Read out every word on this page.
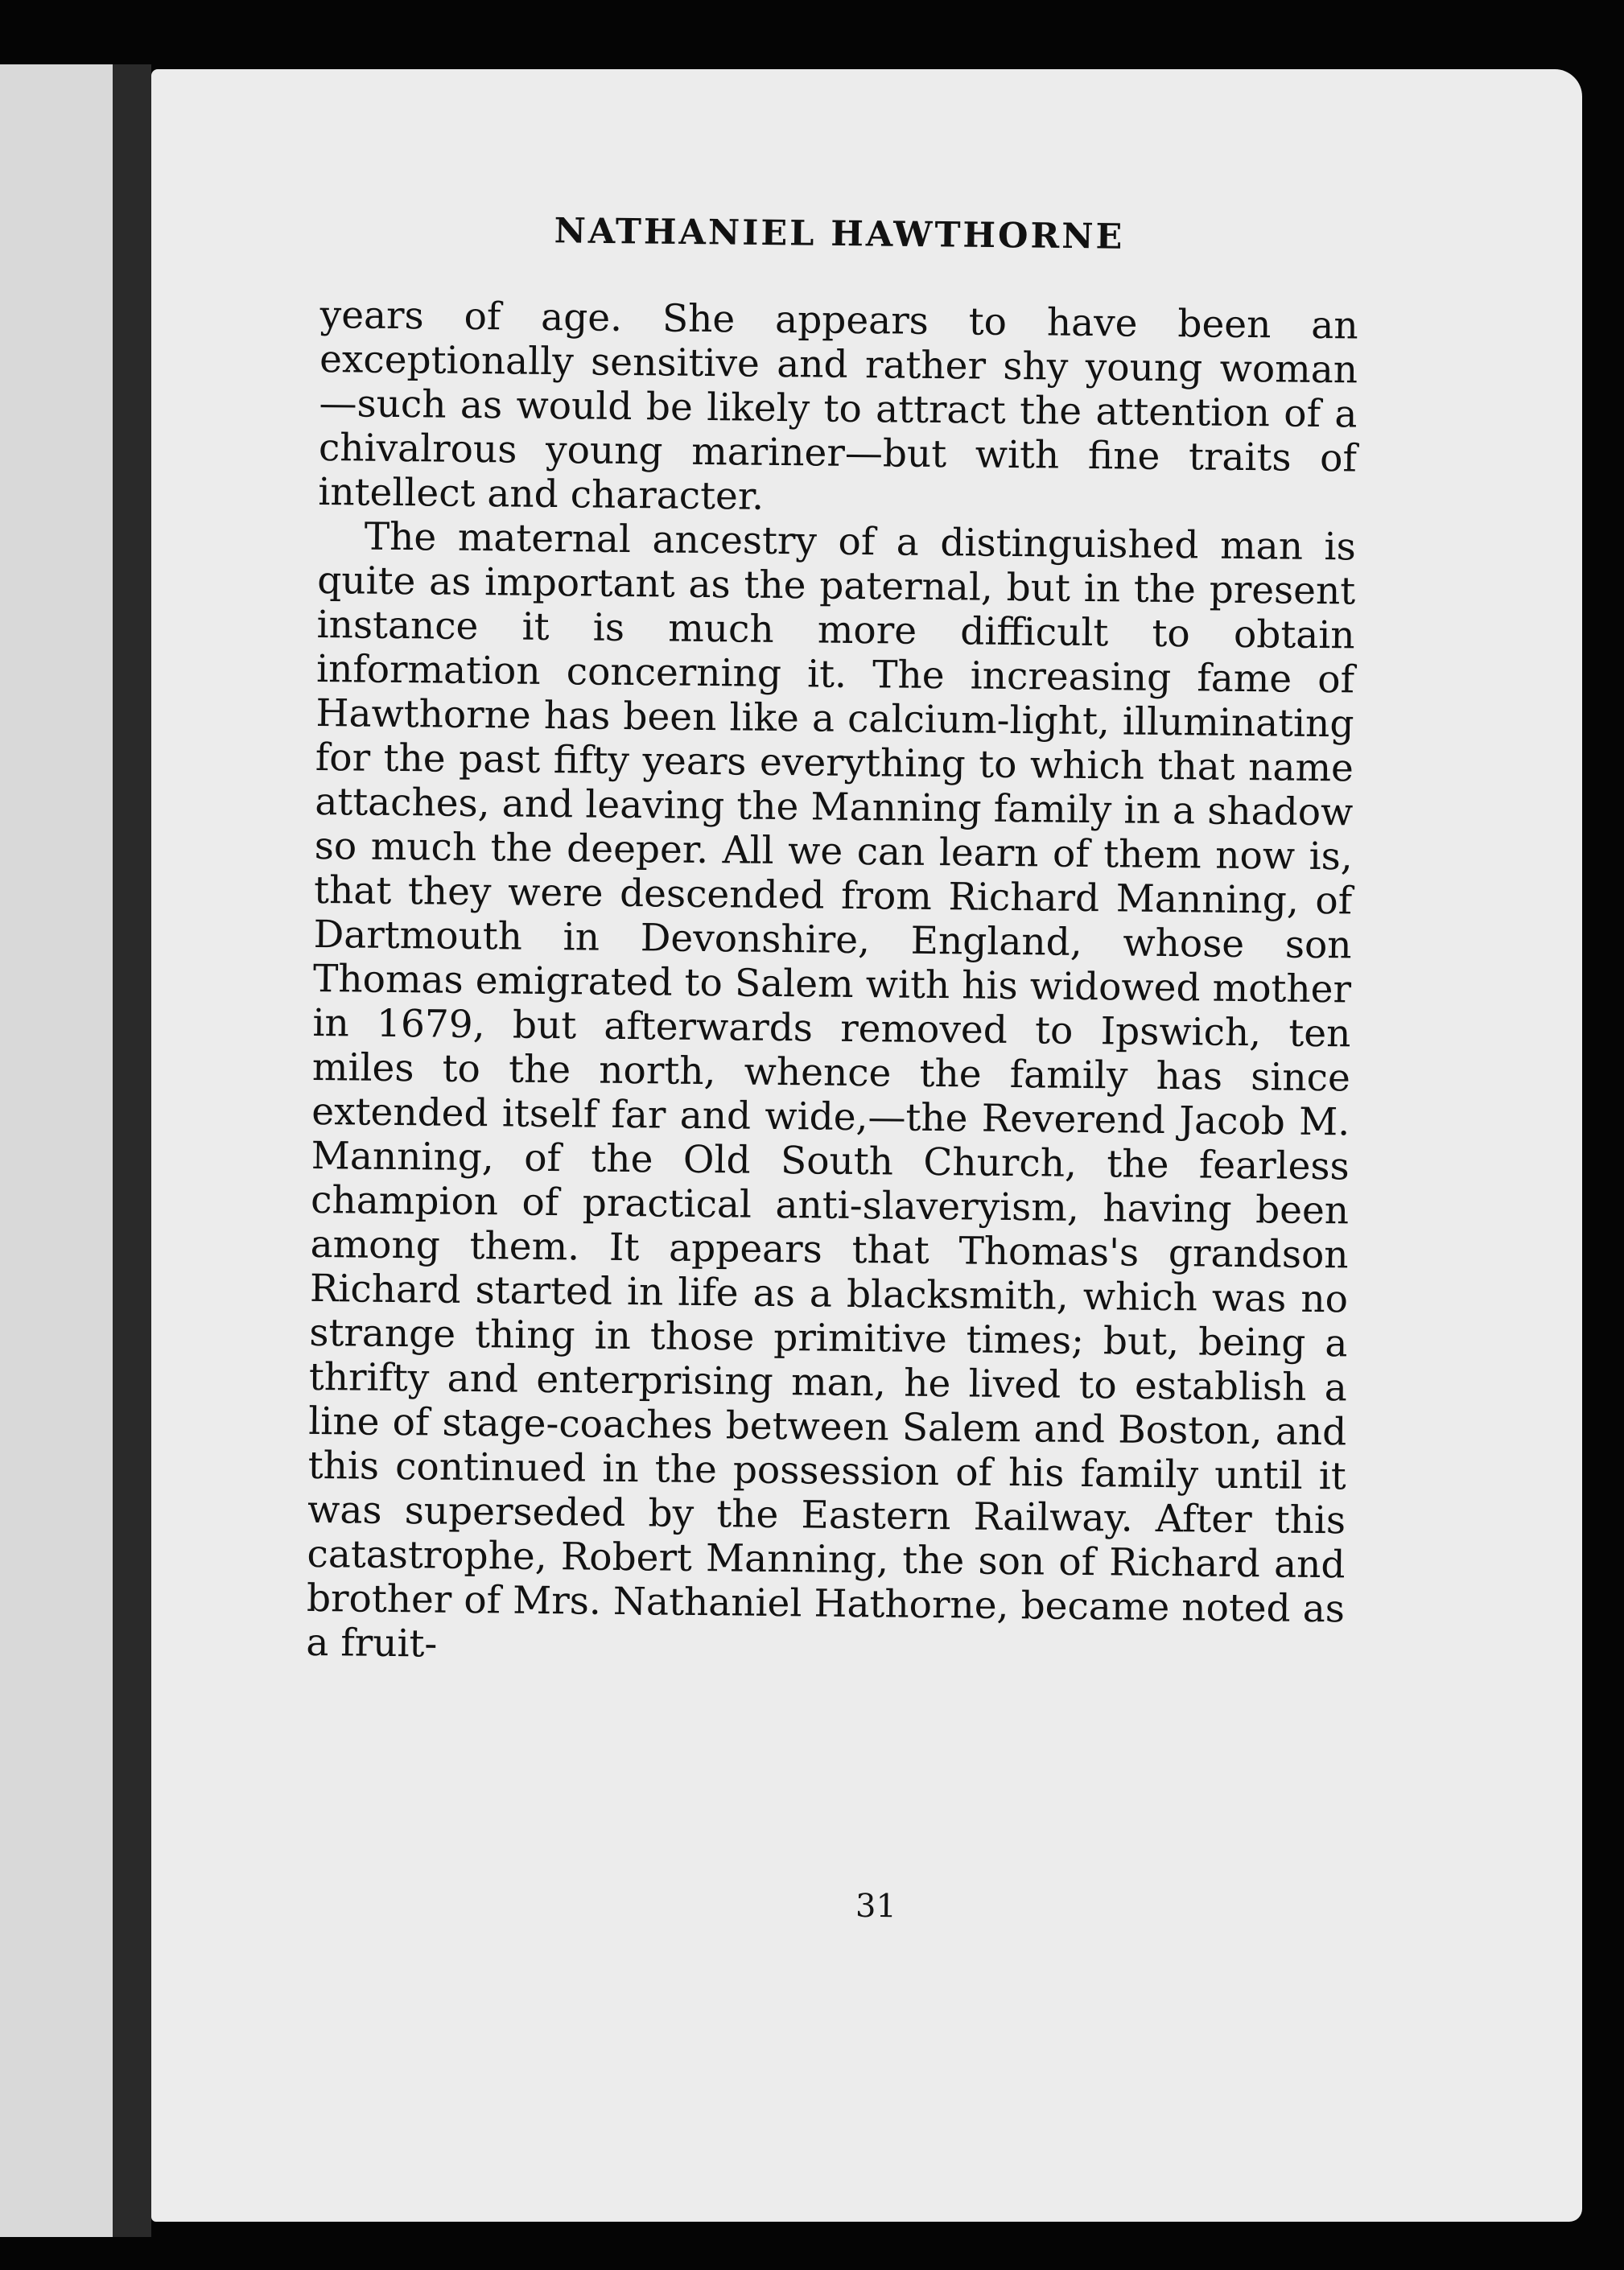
NATHANIEL HAWTHORNE

years of age. She appears to have been an exceptionally sensitive and rather shy young woman—such as would be likely to attract the attention of a chivalrous young mariner—but with fine traits of intellect and character.

The maternal ancestry of a distinguished man is quite as important as the paternal, but in the present instance it is much more difficult to obtain information concerning it. The increasing fame of Hawthorne has been like a calcium-light, illuminating for the past fifty years everything to which that name attaches, and leaving the Manning family in a shadow so much the deeper. All we can learn of them now is, that they were descended from Richard Manning, of Dartmouth in Devonshire, England, whose son Thomas emigrated to Salem with his widowed mother in 1679, but afterwards removed to Ipswich, ten miles to the north, whence the family has since extended itself far and wide,—the Reverend Jacob M. Manning, of the Old South Church, the fearless champion of practical anti-slaveryism, having been among them. It appears that Thomas's grandson Richard started in life as a blacksmith, which was no strange thing in those primitive times; but, being a thrifty and enterprising man, he lived to establish a line of stage-coaches between Salem and Boston, and this continued in the possession of his family until it was superseded by the Eastern Railway. After this catastrophe, Robert Manning, the son of Richard and brother of Mrs. Nathaniel Hathorne, became noted as a fruit-

31
